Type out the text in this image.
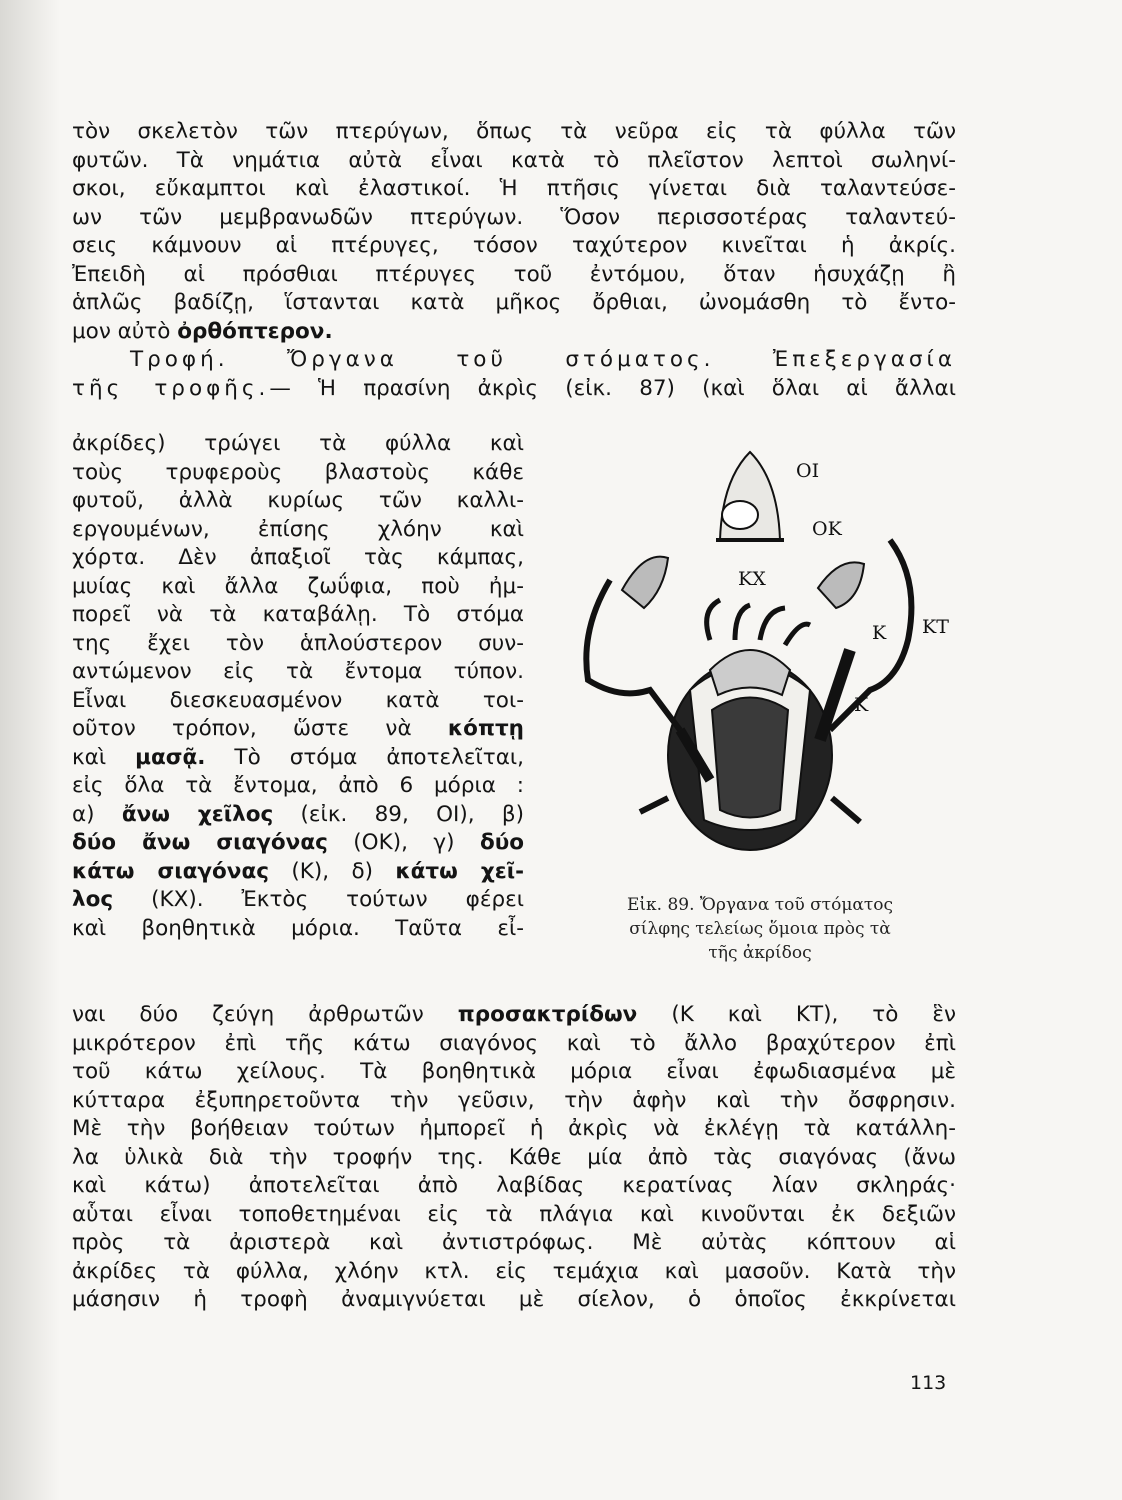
τὸν σκελετὸν τῶν πτερύγων, ὅπως τὰ νεῦρα εἰς τὰ φύλλα τῶν
φυτῶν. Τὰ νημάτια αὐτὰ εἶναι κατὰ τὸ πλεῖστον λεπτοὶ σωληνί-
σκοι, εὔκαμπτοι καὶ ἐλαστικοί. Ἡ πτῆσις γίνεται διὰ ταλαντεύσε-
ων τῶν μεμβρανωδῶν πτερύγων. Ὅσον περισσοτέρας ταλαντεύ-
σεις κάμνουν αἱ πτέρυγες, τόσον ταχύτερον κινεῖται ἡ ἀκρίς.
Ἐπειδὴ αἱ πρόσθιαι πτέρυγες τοῦ ἐντόμου, ὅταν ἡσυχάζῃ ἢ
ἁπλῶς βαδίζῃ, ἵστανται κατὰ μῆκος ὄρθιαι, ὠνομάσθη τὸ ἔντο-
μον αὐτὸ ὀρθόπτερον.
Τροφή. Ὄργανα τοῦ στόματος. Ἐπεξεργασία
τῆς τροφῆς.— Ἡ πρασίνη ἀκρὶς (εἰκ. 87) (καὶ ὅλαι αἱ ἄλλαι
ἀκρίδες) τρώγει τὰ φύλλα καὶ
τοὺς τρυφεροὺς βλαστοὺς κάθε
φυτοῦ, ἀλλὰ κυρίως τῶν καλλι-
εργουμένων, ἐπίσης χλόην καὶ
χόρτα. Δὲν ἀπαξιοῖ τὰς κάμπας,
μυίας καὶ ἄλλα ζωΰφια, ποὺ ἠμ-
πορεῖ νὰ τὰ καταβάλῃ. Τὸ στόμα
της ἔχει τὸν ἁπλούστερον συν-
αντώμενον εἰς τὰ ἔντομα τύπον.
Εἶναι διεσκευασμένον κατὰ τοι-
οῦτον τρόπον, ὥστε νὰ κόπτῃ
καὶ μασᾷ. Τὸ στόμα ἀποτελεῖται,
εἰς ὅλα τὰ ἔντομα, ἀπὸ 6 μόρια :
α) ἄνω χεῖλος (εἰκ. 89, ΟΙ), β)
δύο ἄνω σιαγόνας (ΟΚ), γ) δύο
κάτω σιαγόνας (Κ), δ) κάτω χεῖ-
λος (ΚΧ). Ἐκτὸς τούτων φέρει
καὶ βοηθητικὰ μόρια. Ταῦτα εἶ-
ναι δύο ζεύγη ἀρθρωτῶν προσακτρίδων (Κ καὶ ΚΤ), τὸ ἓν
μικρότερον ἐπὶ τῆς κάτω σιαγόνος καὶ τὸ ἄλλο βραχύτερον ἐπὶ
τοῦ κάτω χείλους. Τὰ βοηθητικὰ μόρια εἶναι ἐφωδιασμένα μὲ
κύτταρα ἐξυπηρετοῦντα τὴν γεῦσιν, τὴν ἁφὴν καὶ τὴν ὄσφρησιν.
Μὲ τὴν βοήθειαν τούτων ἠμπορεῖ ἡ ἀκρὶς νὰ ἐκλέγῃ τὰ κατάλλη-
λα ὑλικὰ διὰ τὴν τροφήν της. Κάθε μία ἀπὸ τὰς σιαγόνας (ἄνω
καὶ κάτω) ἀποτελεῖται ἀπὸ λαβίδας κερατίνας λίαν σκληράς·
αὗται εἶναι τοποθετημέναι εἰς τὰ πλάγια καὶ κινοῦνται ἐκ δεξιῶν
πρὸς τὰ ἀριστερὰ καὶ ἀντιστρόφως. Μὲ αὐτὰς κόπτουν αἱ
ἀκρίδες τὰ φύλλα, χλόην κτλ. εἰς τεμάχια καὶ μασοῦν. Κατὰ τὴν
μάσησιν ἡ τροφὴ ἀναμιγνύεται μὲ σίελον, ὁ ὁποῖος ἐκκρίνεται
ΟΙ
ΟΚ
ΚΧ
Κ ΚΤ
Κ
Εἰκ. 89. Ὄργανα τοῦ στόματος
σίλφης τελείως ὅμοια πρὸς τὰ
τῆς ἀκρίδος
113
